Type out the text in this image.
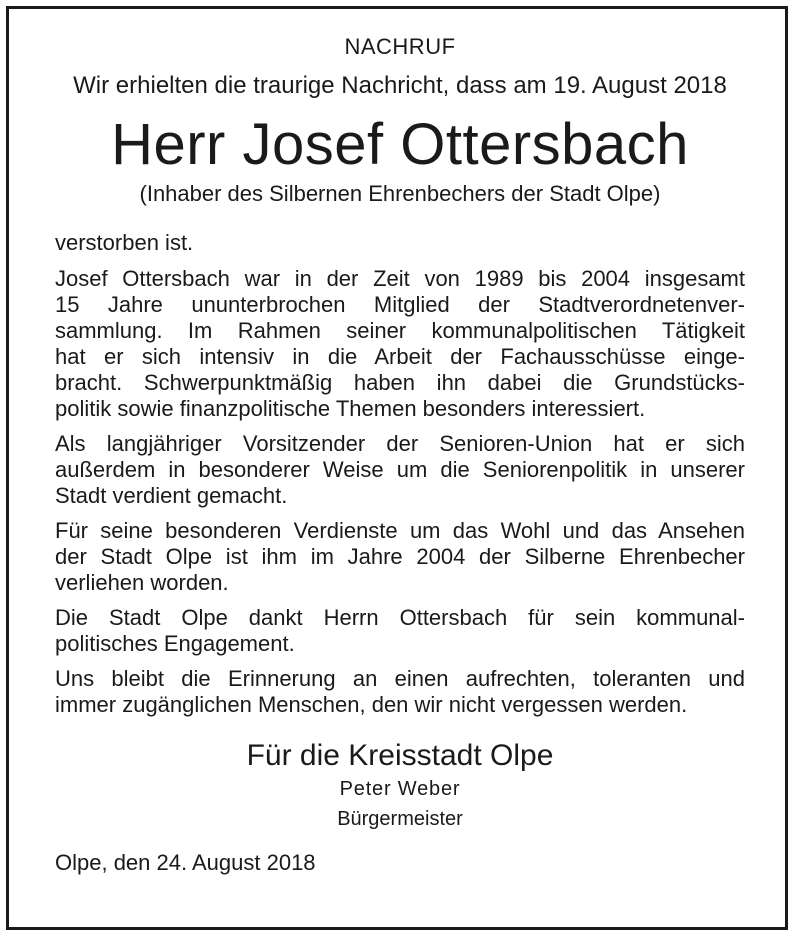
NACHRUF
Wir erhielten die traurige Nachricht, dass am 19. August 2018
Herr Josef Ottersbach
(Inhaber des Silbernen Ehrenbechers der Stadt Olpe)
verstorben ist.
Josef Ottersbach war in der Zeit von 1989 bis 2004 insgesamt
15 Jahre ununterbrochen Mitglied der Stadtverordnetenver-
sammlung. Im Rahmen seiner kommunalpolitischen Tätigkeit
hat er sich intensiv in die Arbeit der Fachausschüsse einge-
bracht. Schwerpunktmäßig haben ihn dabei die Grundstücks-
politik sowie finanzpolitische Themen besonders interessiert.
Als langjähriger Vorsitzender der Senioren-Union hat er sich
außerdem in besonderer Weise um die Seniorenpolitik in unserer
Stadt verdient gemacht.
Für seine besonderen Verdienste um das Wohl und das Ansehen
der Stadt Olpe ist ihm im Jahre 2004 der Silberne Ehrenbecher
verliehen worden.
Die Stadt Olpe dankt Herrn Ottersbach für sein kommunal-
politisches Engagement.
Uns bleibt die Erinnerung an einen aufrechten, toleranten und
immer zugänglichen Menschen, den wir nicht vergessen werden.
Für die Kreisstadt Olpe
Peter Weber
Bürgermeister
Olpe, den 24. August 2018
